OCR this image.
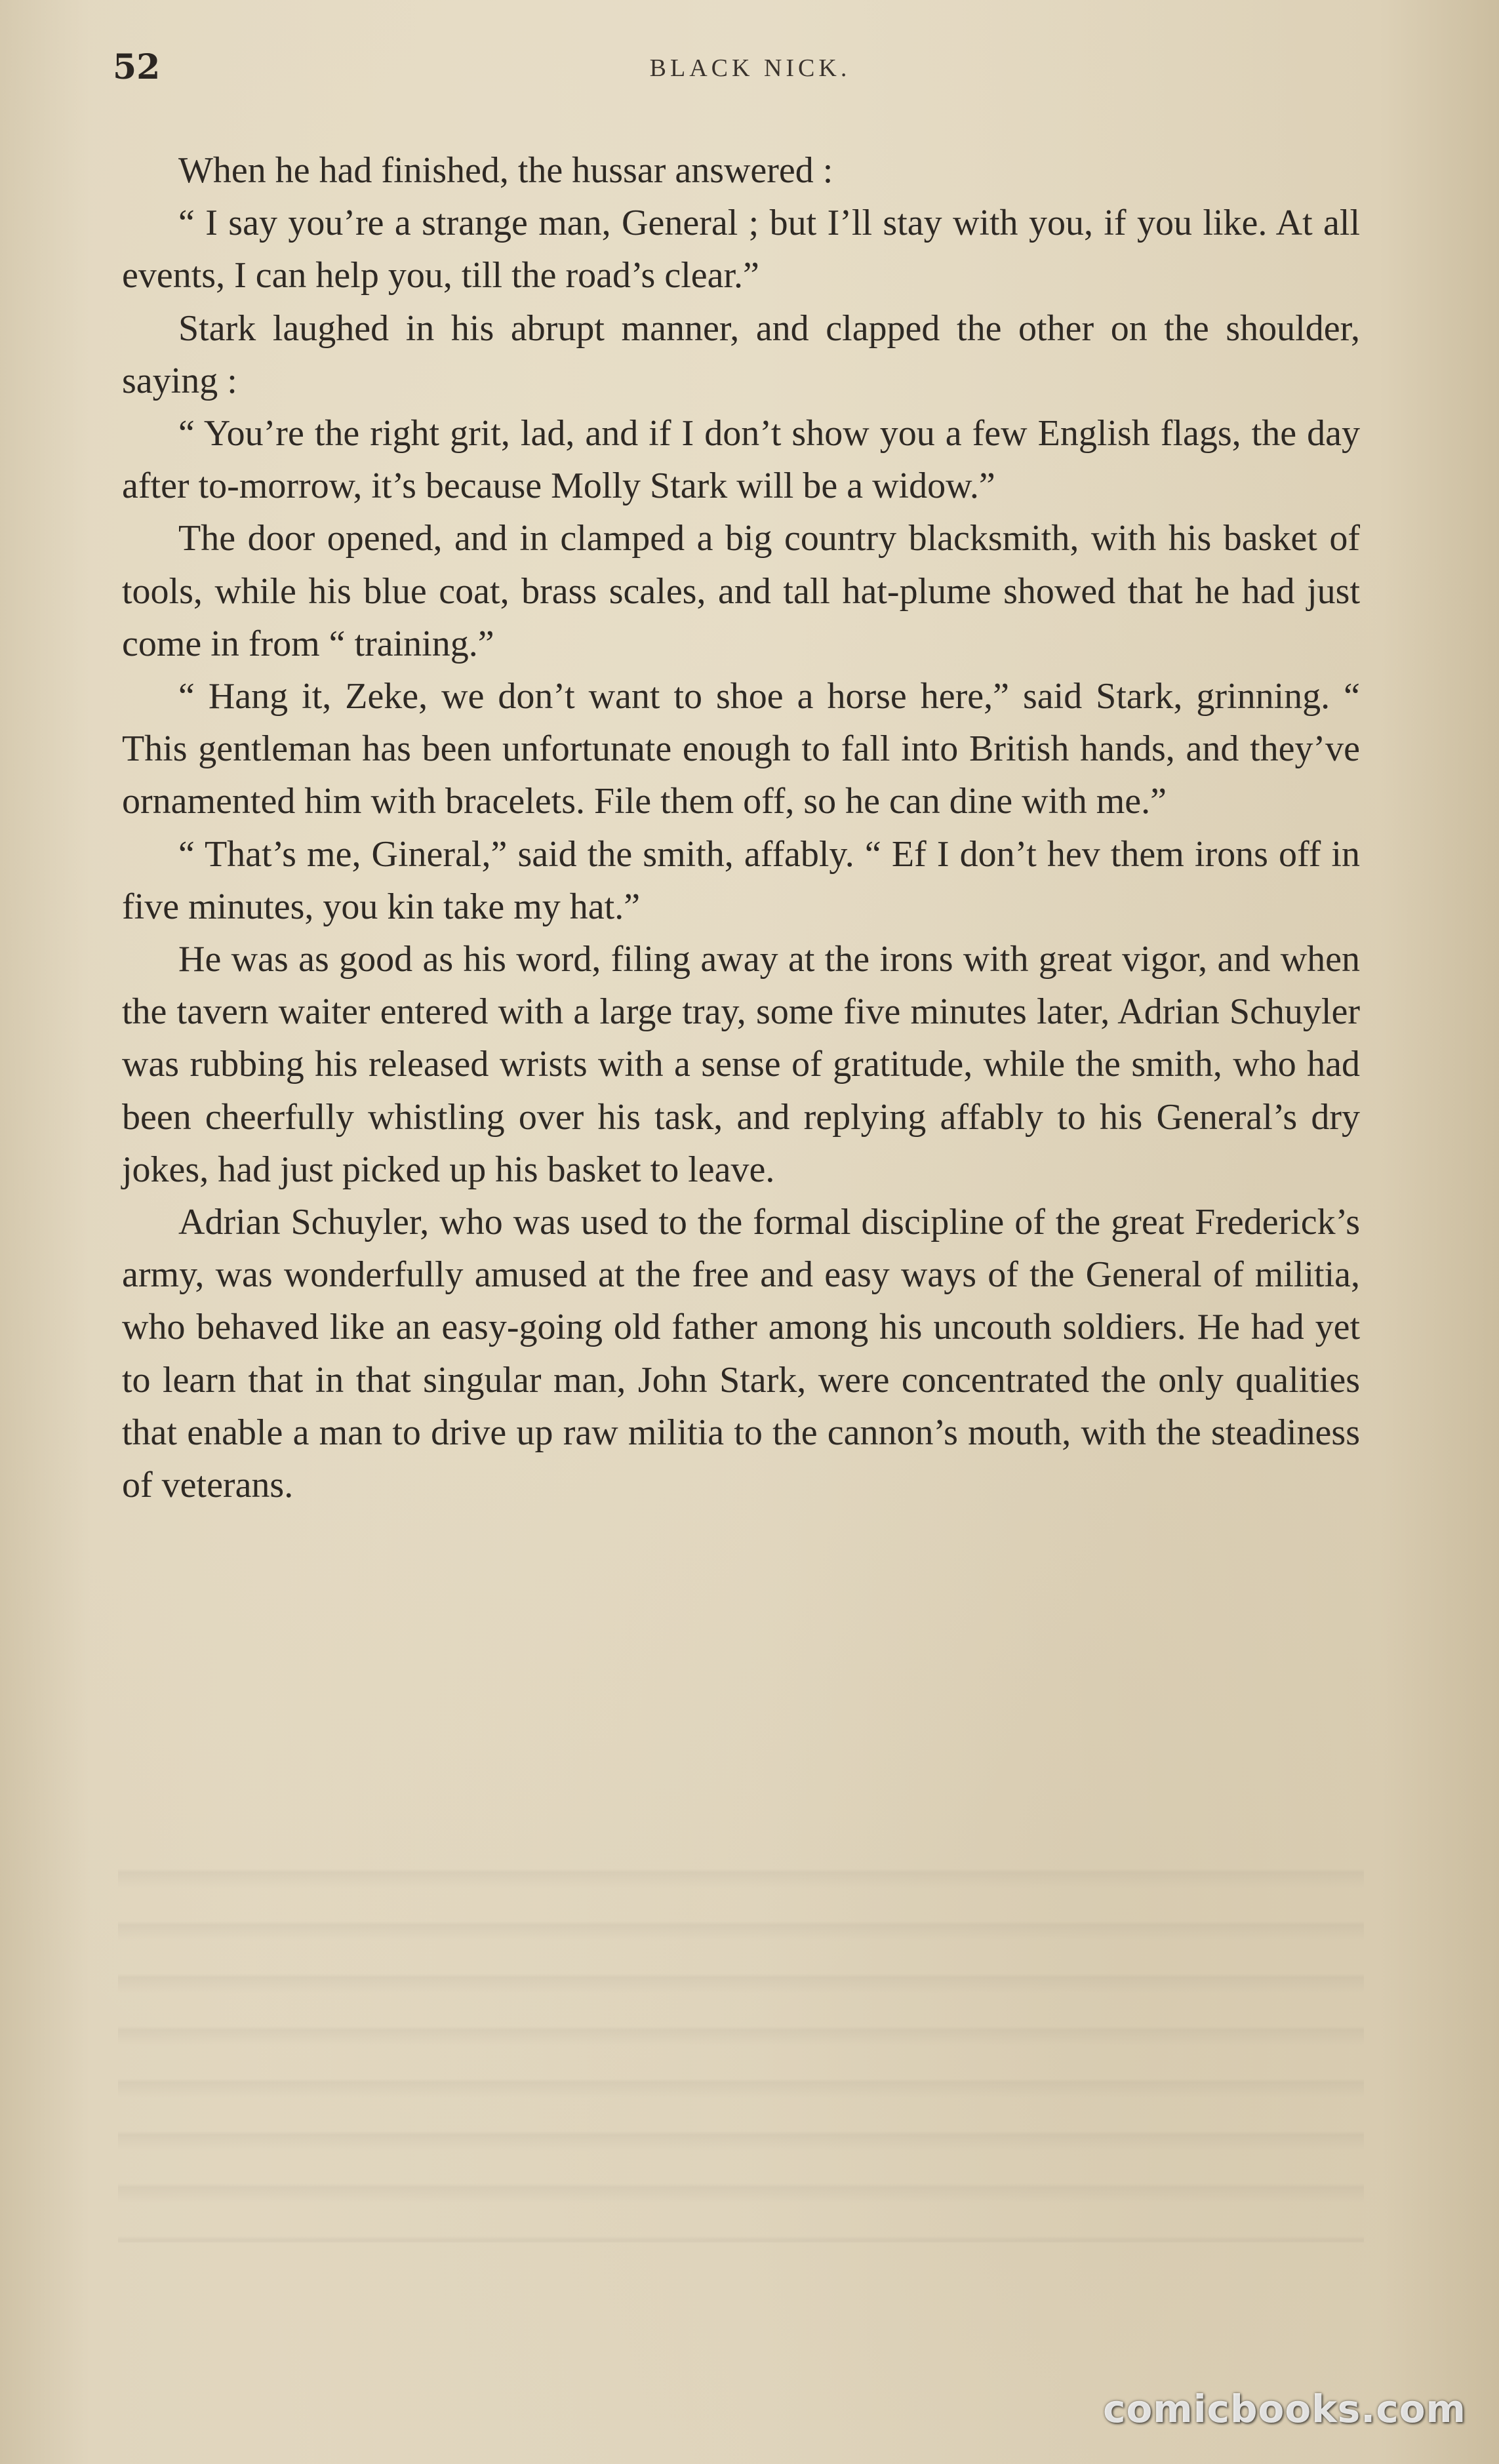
52	BLACK NICK.

When he had finished, the hussar answered :

“ I say you’re a strange man, General ; but I’ll stay with you, if you like. At all events, I can help you, till the road’s clear.”

Stark laughed in his abrupt manner, and clapped the other on the shoulder, saying :

“ You’re the right grit, lad, and if I don’t show you a few English flags, the day after to-morrow, it’s because Molly Stark will be a widow.”

The door opened, and in clamped a big country blacksmith, with his basket of tools, while his blue coat, brass scales, and tall hat-plume showed that he had just come in from “ training.”

“ Hang it, Zeke, we don’t want to shoe a horse here,” said Stark, grinning. “ This gentleman has been unfortunate enough to fall into British hands, and they’ve ornamented him with bracelets. File them off, so he can dine with me.”

“ That’s me, Gineral,” said the smith, affably. “ Ef I don’t hev them irons off in five minutes, you kin take my hat.”

He was as good as his word, filing away at the irons with great vigor, and when the tavern waiter entered with a large tray, some five minutes later, Adrian Schuyler was rubbing his released wrists with a sense of gratitude, while the smith, who had been cheerfully whistling over his task, and replying affably to his General’s dry jokes, had just picked up his basket to leave.

Adrian Schuyler, who was used to the formal discipline of the great Frederick’s army, was wonderfully amused at the free and easy ways of the General of militia, who behaved like an easy-going old father among his uncouth soldiers. He had yet to learn that in that singular man, John Stark, were concentrated the only qualities that enable a man to drive up raw militia to the cannon’s mouth, with the steadiness of veterans.

comicbooks.com
